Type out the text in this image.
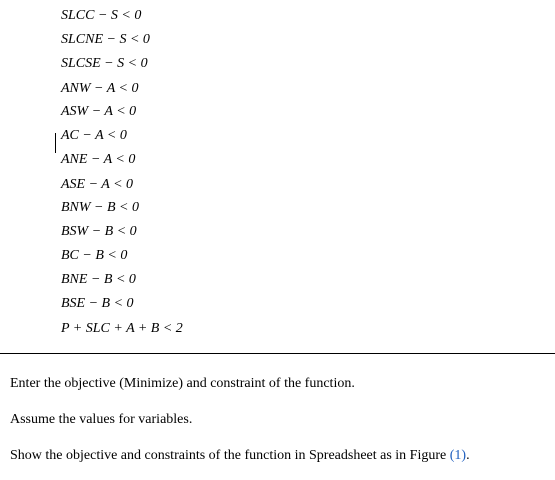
SLCC − S < 0
SLCNE − S < 0
SLCSE − S < 0
ANW − A < 0
ASW − A < 0
AC − A < 0
ANE − A < 0
ASE − A < 0
BNW − B < 0
BSW − B < 0
BC − B < 0
BNE − B < 0
BSE − B < 0
P + SLC + A + B < 2
Enter the objective (Minimize) and constraint of the function.
Assume the values for variables.
Show the objective and constraints of the function in Spreadsheet as in Figure (1).
